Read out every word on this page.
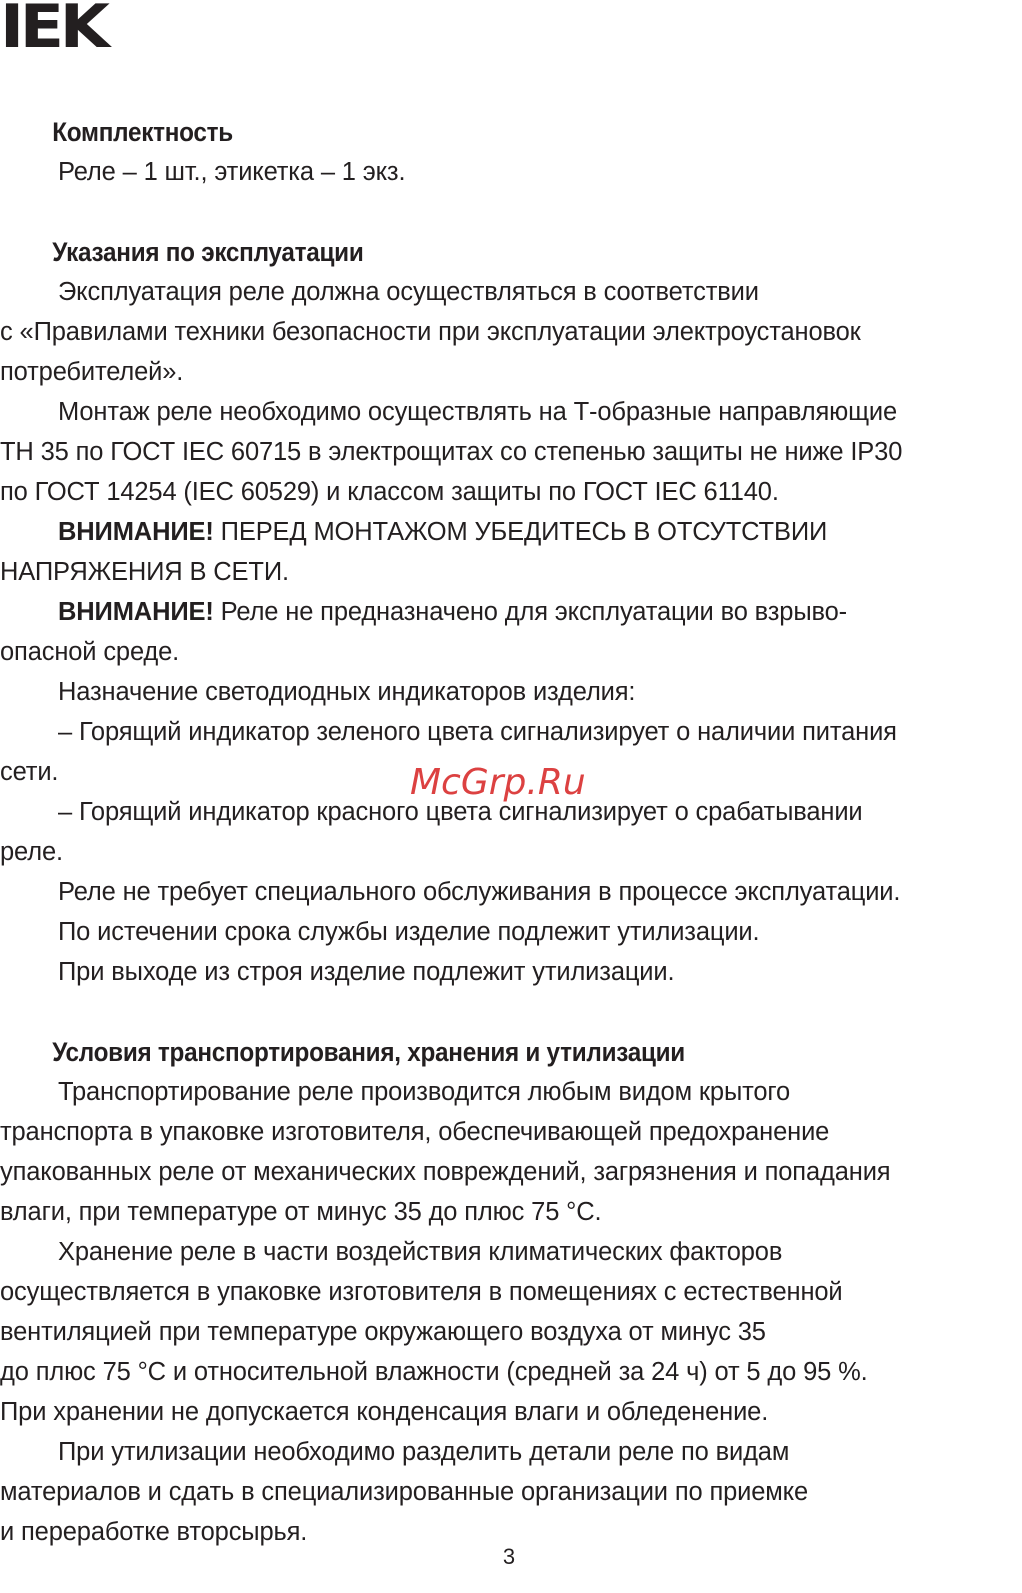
IEK
Комплектность
Реле – 1 шт., этикетка – 1 экз.
Указания по эксплуатации
Эксплуатация реле должна осуществляться в соответствии
с «Правилами техники безопасности при эксплуатации электроустановок
потребителей».
Монтаж реле необходимо осуществлять на Т-образные направляющие
ТН 35 по ГОСТ IEC 60715 в электрощитах со степенью защиты не ниже IP30
по ГОСТ 14254 (IEC 60529) и классом защиты по ГОСТ IEC 61140.
ВНИМАНИЕ! ПЕРЕД МОНТАЖОМ УБЕДИТЕСЬ В ОТСУТСТВИИ
НАПРЯЖЕНИЯ В СЕТИ.
ВНИМАНИЕ! Реле не предназначено для эксплуатации во взрыво-
опасной среде.
Назначение светодиодных индикаторов изделия:
– Горящий индикатор зеленого цвета сигнализирует о наличии питания
сети.
– Горящий индикатор красного цвета сигнализирует о срабатывании
реле.
Реле не требует специального обслуживания в процессе эксплуатации.
По истечении срока службы изделие подлежит утилизации.
При выходе из строя изделие подлежит утилизации.
Условия транспортирования, хранения и утилизации
Транспортирование реле производится любым видом крытого
транспорта в упаковке изготовителя, обеспечивающей предохранение
упакованных реле от механических повреждений, загрязнения и попадания
влаги, при температуре от минус 35 до плюс 75 °С.
Хранение реле в части воздействия климатических факторов
осуществляется в упаковке изготовителя в помещениях с естественной
вентиляцией при температуре окружающего воздуха от минус 35
до плюс 75 °С и относительной влажности (средней за 24 ч) от 5 до 95 %.
При хранении не допускается конденсация влаги и обледенение.
При утилизации необходимо разделить детали реле по видам
материалов и сдать в специализированные организации по приемке
и переработке вторсырья.
McGrp.Ru
3
